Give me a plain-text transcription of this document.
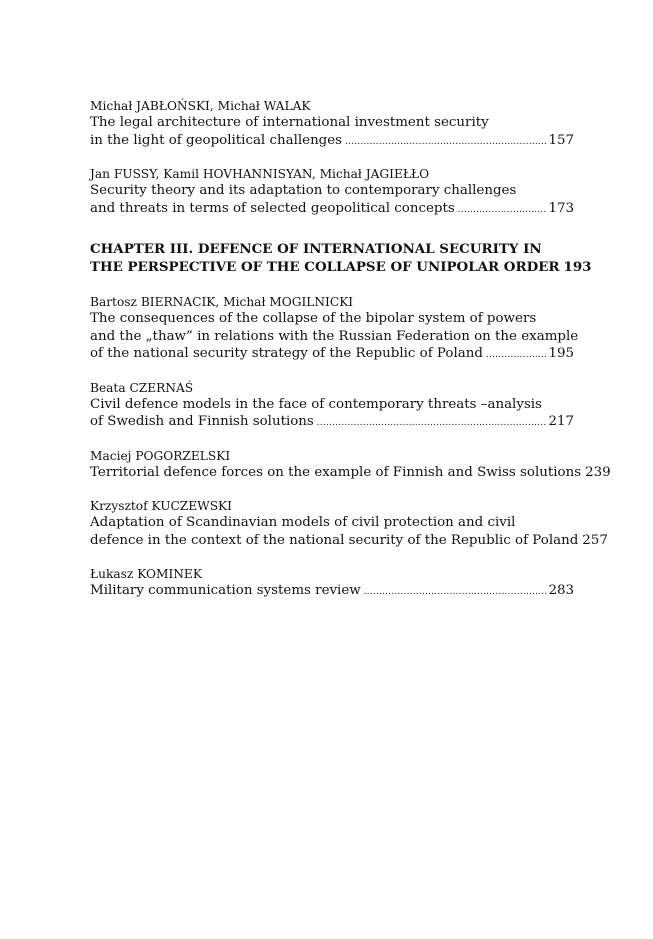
Michał JABŁOŃSKI, Michał WALAK
The legal architecture of international investment security
in the light of geopolitical challenges .....	157
Jan FUSSY, Kamil HOVHANNISYAN, Michał JAGIEŁŁO
Security theory and its adaptation to contemporary challenges
and threats in terms of selected geopolitical concepts .....	173
CHAPTER III. DEFENCE OF INTERNATIONAL SECURITY IN
THE PERSPECTIVE OF THE COLLAPSE OF UNIPOLAR ORDER 193
Bartosz BIERNACIK, Michał MOGILNICKI
The consequences of the collapse of the bipolar system of powers
and the „thaw” in relations with the Russian Federation on the example
of the national security strategy of the Republic of Poland .....	195
Beata CZERNAŚ
Civil defence models in the face of contemporary threats –analysis
of Swedish and Finnish solutions .....	217
Maciej POGORZELSKI
Territorial defence forces on the example of Finnish and Swiss solutions 239
Krzysztof KUCZEWSKI
Adaptation of Scandinavian models of civil protection and civil
defence in the context of the national security of the Republic of Poland 257
Łukasz KOMINEK
Military communication systems review .....	283
